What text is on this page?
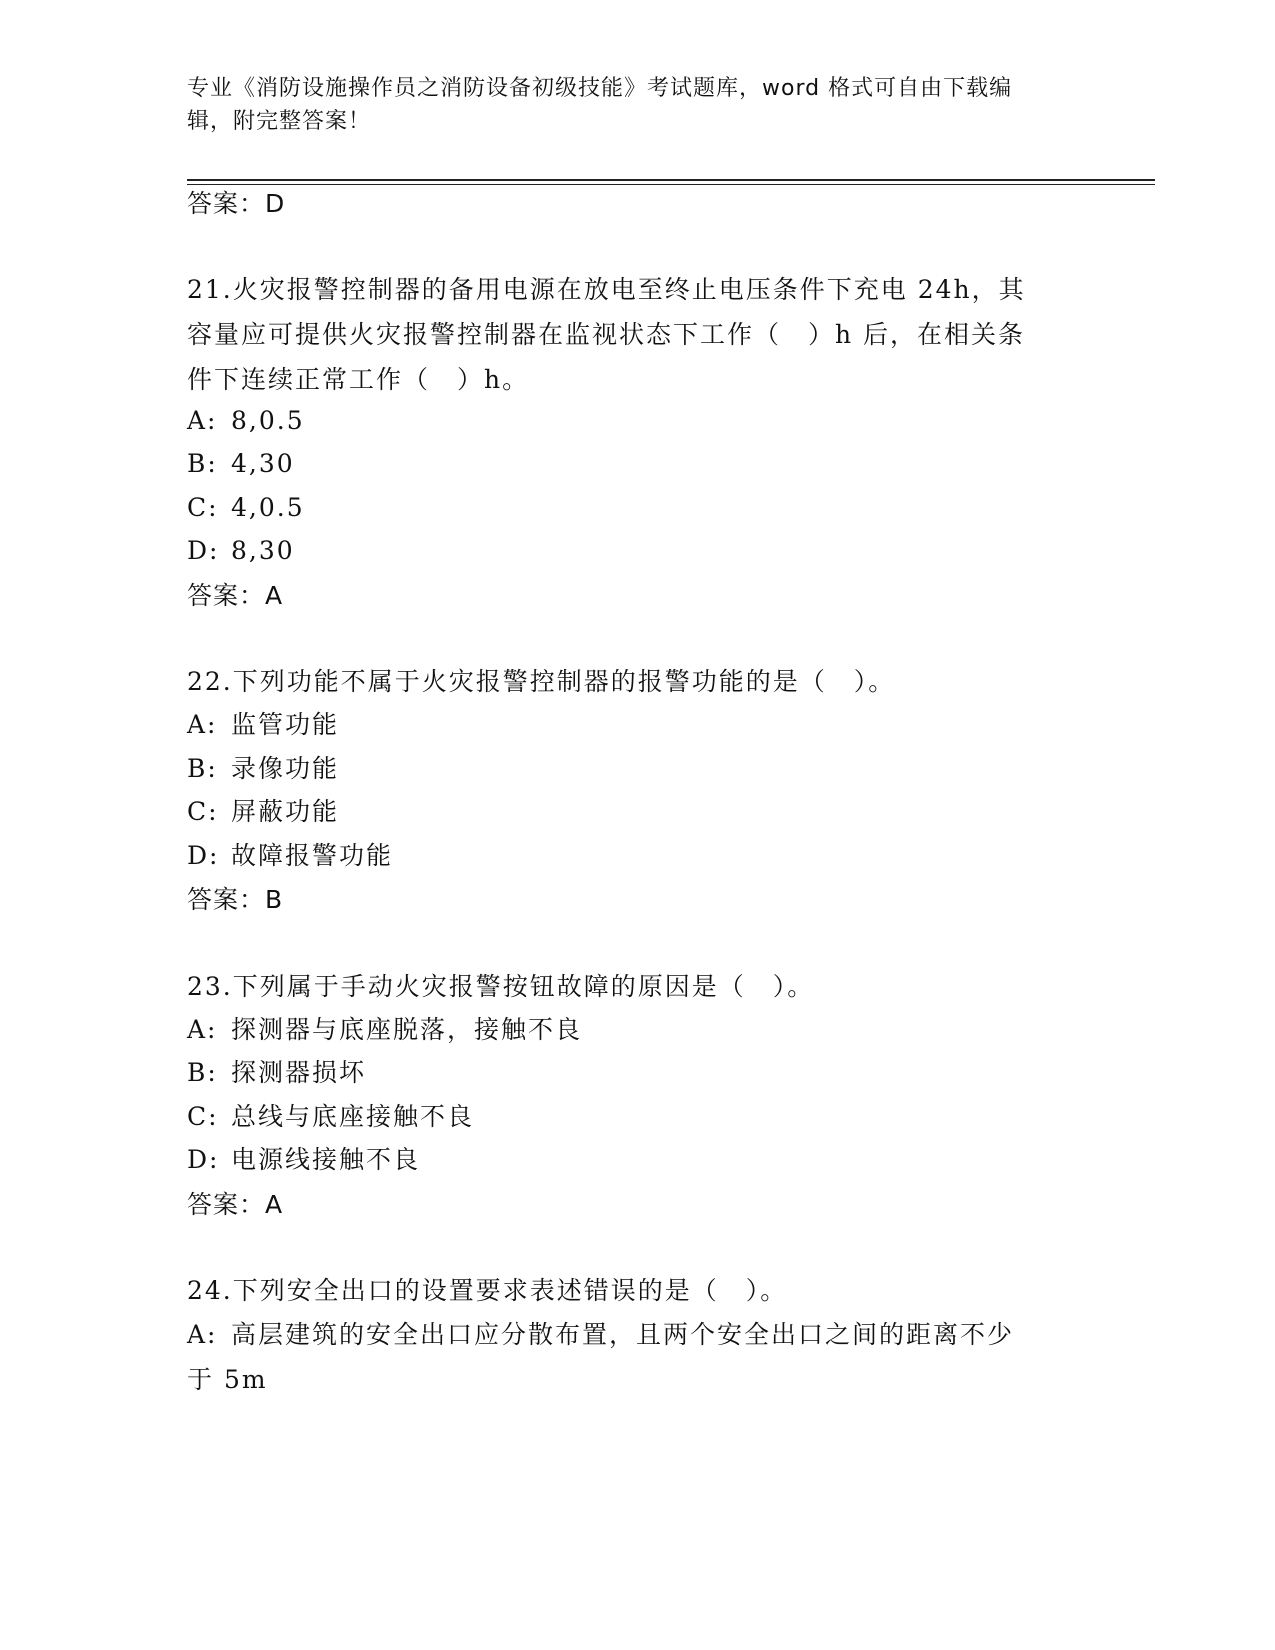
专业《消防设施操作员之消防设备初级技能》考试题库，word 格式可自由下载编
辑，附完整答案！
答案：D
21.火灾报警控制器的备用电源在放电至终止电压条件下充电 24h，其
容量应可提供火灾报警控制器在监视状态下工作（　）h 后，在相关条
件下连续正常工作（　）h。
A: 8,0.5
B: 4,30
C: 4,0.5
D: 8,30
答案：A
22.下列功能不属于火灾报警控制器的报警功能的是（　）。
A: 监管功能
B: 录像功能
C: 屏蔽功能
D: 故障报警功能
答案：B
23.下列属于手动火灾报警按钮故障的原因是（　）。
A: 探测器与底座脱落，接触不良
B: 探测器损坏
C: 总线与底座接触不良
D: 电源线接触不良
答案：A
24.下列安全出口的设置要求表述错误的是（　）。
A: 高层建筑的安全出口应分散布置，且两个安全出口之间的距离不少
于 5m
